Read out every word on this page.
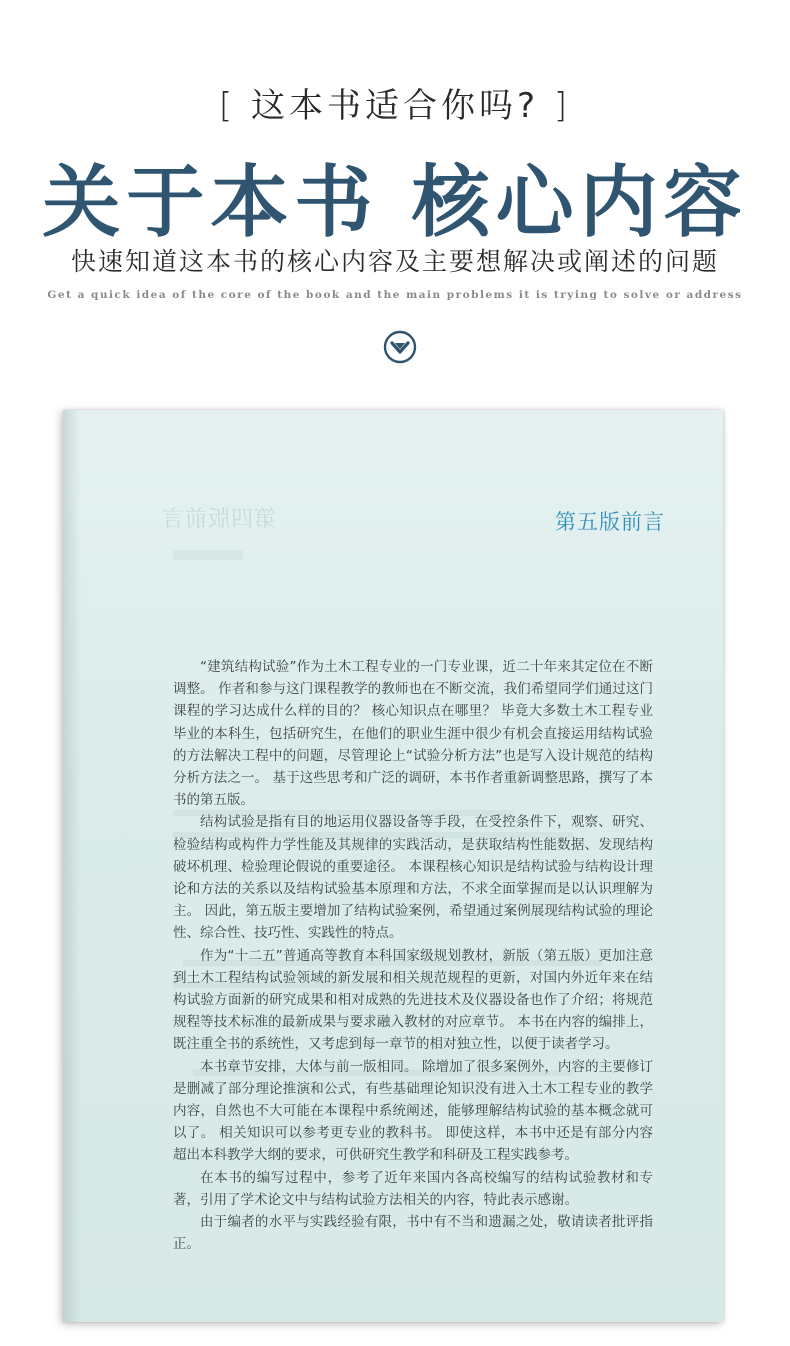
[ 这本书适合你吗? ]
关于本书 核心内容
快速知道这本书的核心内容及主要想解决或阐述的问题
Get a quick idea of the core of the book and the main problems it is trying to solve or address
第四版前言	第五版前言

“建筑结构试验”作为土木工程专业的一门专业课，近二十年来其定位在不断调整。 作者和参与这门课程教学的教师也在不断交流，我们希望同学们通过这门课程的学习达成什么样的目的？ 核心知识点在哪里？ 毕竟大多数土木工程专业毕业的本科生，包括研究生，在他们的职业生涯中很少有机会直接运用结构试验的方法解决工程中的问题，尽管理论上“试验分析方法”也是写入设计规范的结构分析方法之一。 基于这些思考和广泛的调研，本书作者重新调整思路，撰写了本书的第五版。

结构试验是指有目的地运用仪器设备等手段，在受控条件下，观察、研究、检验结构或构件力学性能及其规律的实践活动，是获取结构性能数据、发现结构破坏机理、检验理论假说的重要途径。 本课程核心知识是结构试验与结构设计理论和方法的关系以及结构试验基本原理和方法，不求全面掌握而是以认识理解为主。 因此，第五版主要增加了结构试验案例，希望通过案例展现结构试验的理论性、综合性、技巧性、实践性的特点。

作为“十二五”普通高等教育本科国家级规划教材，新版（第五版）更加注意到土木工程结构试验领域的新发展和相关规范规程的更新，对国内外近年来在结构试验方面新的研究成果和相对成熟的先进技术及仪器设备也作了介绍；将规范规程等技术标准的最新成果与要求融入教材的对应章节。 本书在内容的编排上，既注重全书的系统性，又考虑到每一章节的相对独立性，以便于读者学习。

本书章节安排，大体与前一版相同。 除增加了很多案例外，内容的主要修订是删减了部分理论推演和公式，有些基础理论知识没有进入土木工程专业的教学内容，自然也不大可能在本课程中系统阐述，能够理解结构试验的基本概念就可以了。 相关知识可以参考更专业的教科书。 即使这样，本书中还是有部分内容超出本科教学大纲的要求，可供研究生教学和科研及工程实践参考。

在本书的编写过程中，参考了近年来国内各高校编写的结构试验教材和专著，引用了学术论文中与结构试验方法相关的内容，特此表示感谢。

由于编者的水平与实践经验有限，书中有不当和遗漏之处，敬请读者批评指正。
